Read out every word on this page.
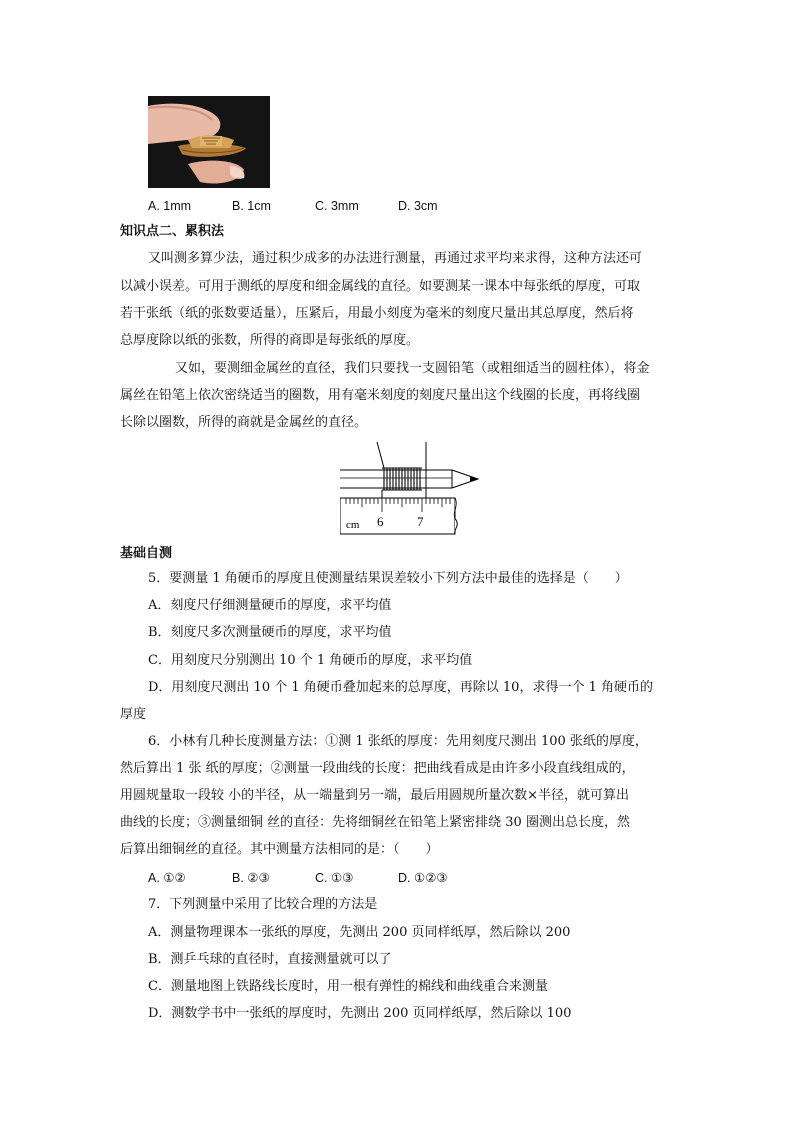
A. 1mm	B. 1cm	C. 3mm	D. 3cm
知识点二、累积法
又叫测多算少法，通过积少成多的办法进行测量，再通过求平均来求得，这种方法还可
以减小误差。可用于测纸的厚度和细金属线的直径。如要测某一课本中每张纸的厚度，可取
若干张纸（纸的张数要适量），压紧后，用最小刻度为毫米的刻度尺量出其总厚度，然后将
总厚度除以纸的张数，所得的商即是每张纸的厚度。
又如，要测细金属丝的直径，我们只要找一支圆铅笔（或粗细适当的圆柱体），将金
属丝在铅笔上依次密绕适当的圈数，用有毫米刻度的刻度尺量出这个线圈的长度，再将线圈
长除以圈数，所得的商就是金属丝的直径。
cm 6	7
基础自测
5．要测量 1 角硬币的厚度且使测量结果误差较小下列方法中最佳的选择是（　　）
A．刻度尺仔细测量硬币的厚度，求平均值
B．刻度尺多次测量硬币的厚度，求平均值
C．用刻度尺分别测出 10 个 1 角硬币的厚度，求平均值
D．用刻度尺测出 10 个 1 角硬币叠加起来的总厚度，再除以 10，求得一个 1 角硬币的
厚度
6．小林有几种长度测量方法：①测 1 张纸的厚度：先用刻度尺测出 100 张纸的厚度，
然后算出 1 张 纸的厚度；②测量一段曲线的长度：把曲线看成是由许多小段直线组成的，
用圆规量取一段较 小的半径，从一端量到另一端，最后用圆规所量次数×半径，就可算出
曲线的长度；③测量细铜 丝的直径：先将细铜丝在铅笔上紧密排绕 30 圈测出总长度，然
后算出细铜丝的直径。其中测量方法相同的是：（　　）
A. ①②	B. ②③	C. ①③	D. ①②③
7．下列测量中采用了比较合理的方法是
A．测量物理课本一张纸的厚度，先测出 200 页同样纸厚，然后除以 200
B．测乒乓球的直径时，直接测量就可以了
C．测量地图上铁路线长度时，用一根有弹性的棉线和曲线重合来测量
D．测数学书中一张纸的厚度时，先测出 200 页同样纸厚，然后除以 100
